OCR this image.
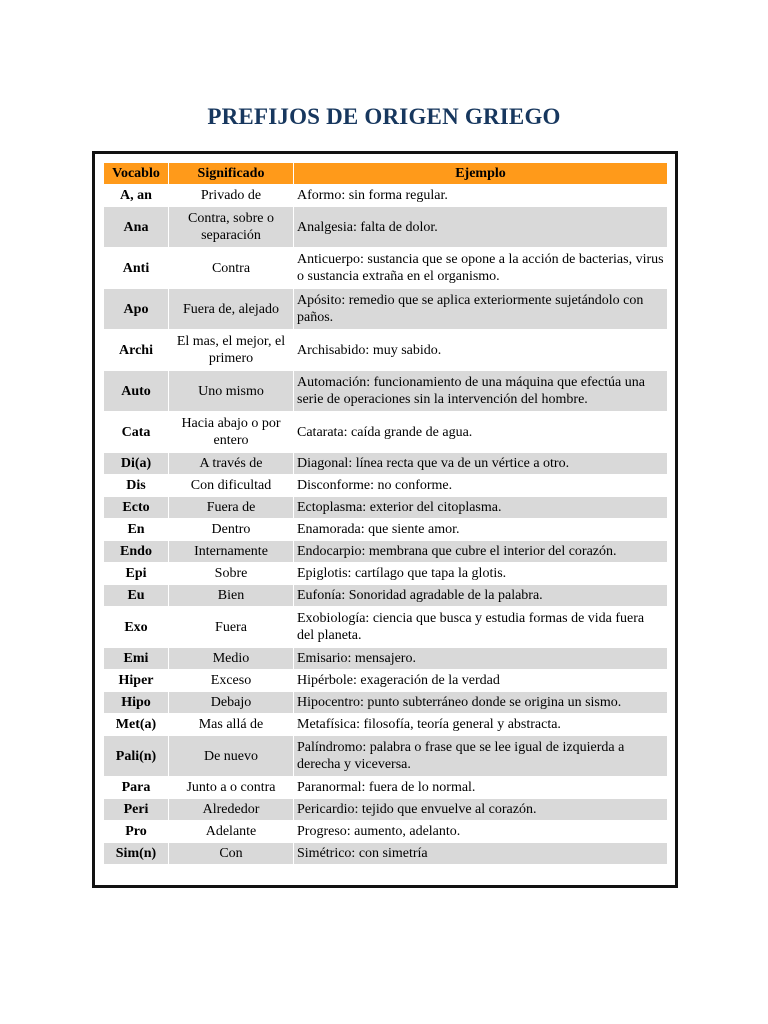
PREFIJOS DE ORIGEN GRIEGO
Vocablo	Significado	Ejemplo
A, an	Privado de	Aformo: sin forma regular.
Ana	Contra, sobre o separación	Analgesia: falta de dolor.
Anti	Contra	Anticuerpo: sustancia que se opone a la acción de bacterias, virus o sustancia extraña en el organismo.
Apo	Fuera de, alejado	Apósito: remedio que se aplica exteriormente sujetándolo con paños.
Archi	El mas, el mejor, el primero	Archisabido: muy sabido.
Auto	Uno mismo	Automación: funcionamiento de una máquina que efectúa una serie de operaciones sin la intervención del hombre.
Cata	Hacia abajo o por entero	Catarata: caída grande de agua.
Di(a)	A través de	Diagonal: línea recta que va de un vértice a otro.
Dis	Con dificultad	Disconforme: no conforme.
Ecto	Fuera de	Ectoplasma: exterior del citoplasma.
En	Dentro	Enamorada: que siente amor.
Endo	Internamente	Endocarpio: membrana que cubre el interior del corazón.
Epi	Sobre	Epiglotis: cartílago que tapa la glotis.
Eu	Bien	Eufonía: Sonoridad agradable de la palabra.
Exo	Fuera	Exobiología: ciencia que busca y estudia formas de vida fuera del planeta.
Emi	Medio	Emisario: mensajero.
Hiper	Exceso	Hipérbole: exageración de la verdad
Hipo	Debajo	Hipocentro: punto subterráneo donde se origina un sismo.
Met(a)	Mas allá de	Metafísica: filosofía, teoría general y abstracta.
Pali(n)	De nuevo	Palíndromo: palabra o frase que se lee igual de izquierda a derecha y viceversa.
Para	Junto a o contra	Paranormal: fuera de lo normal.
Peri	Alrededor	Pericardio: tejido que envuelve al corazón.
Pro	Adelante	Progreso: aumento, adelanto.
Sim(n)	Con	Simétrico: con simetría
